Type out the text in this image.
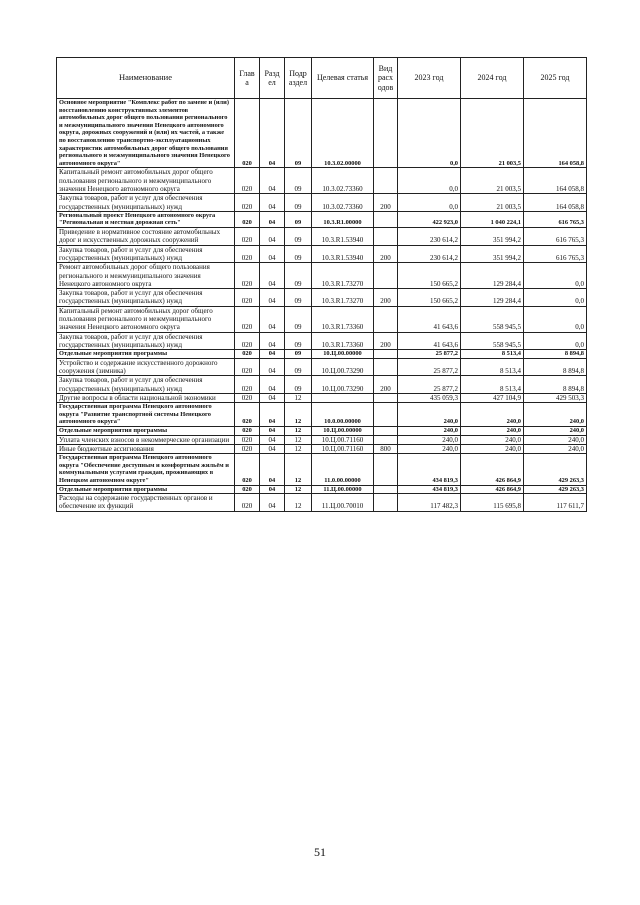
Наименование	Глав а	Разд ел	Подр аздел	Целевая статья	Вид расх одов	2023 год	2024 год	2025 год
Основное мероприятие "Комплекс работ по замене и (или) восстановлению конструктивных элементов автомобильных дорог общего пользования регионального и межмуниципального значения Ненецкого автономного округа, дорожных сооружений и (или) их частей, а также по восстановлению транспортно-эксплуатационных характеристик автомобильных дорог общего пользования регионального и межмуниципального значения Ненецкого автономного округа"	020	04	09	10.3.02.00000		0,0	21 003,5	164 058,8
Капитальный ремонт автомобильных дорог общего пользования регионального и межмуниципального значения Ненецкого автономного округа	020	04	09	10.3.02.73360		0,0	21 003,5	164 058,8
Закупка товаров, работ и услуг для обеспечения государственных (муниципальных) нужд	020	04	09	10.3.02.73360	200	0,0	21 003,5	164 058,8
Региональный проект Ненецкого автономного округа "Региональная и местная дорожная сеть"	020	04	09	10.3.R1.00000		422 923,0	1 040 224,1	616 765,3
Приведение в нормативное состояние автомобильных дорог и искусственных дорожных сооружений	020	04	09	10.3.R1.53940		230 614,2	351 994,2	616 765,3
Закупка товаров, работ и услуг для обеспечения государственных (муниципальных) нужд	020	04	09	10.3.R1.53940	200	230 614,2	351 994,2	616 765,3
Ремонт автомобильных дорог общего пользования регионального и межмуниципального значения Ненецкого автономного округа	020	04	09	10.3.R1.73270		150 665,2	129 284,4	0,0
Закупка товаров, работ и услуг для обеспечения государственных (муниципальных) нужд	020	04	09	10.3.R1.73270	200	150 665,2	129 284,4	0,0
Капитальный ремонт автомобильных дорог общего пользования регионального и межмуниципального значения Ненецкого автономного округа	020	04	09	10.3.R1.73360		41 643,6	558 945,5	0,0
Закупка товаров, работ и услуг для обеспечения государственных (муниципальных) нужд	020	04	09	10.3.R1.73360	200	41 643,6	558 945,5	0,0
Отдельные мероприятия программы	020	04	09	10.Ц.00.00000		25 877,2	8 513,4	8 894,8
Устройство и содержание искусственного дорожного сооружения (зимника)	020	04	09	10.Ц.00.73290		25 877,2	8 513,4	8 894,8
Закупка товаров, работ и услуг для обеспечения государственных (муниципальных) нужд	020	04	09	10.Ц.00.73290	200	25 877,2	8 513,4	8 894,8
Другие вопросы в области национальной экономики	020	04	12			435 059,3	427 104,9	429 503,3
Государственная программа Ненецкого автономного округа "Развитие транспортной системы Ненецкого автономного округа"	020	04	12	10.0.00.00000		240,0	240,0	240,0
Отдельные мероприятия программы	020	04	12	10.Ц.00.00000		240,0	240,0	240,0
Уплата членских взносов в некоммерческие организации	020	04	12	10.Ц.00.71160		240,0	240,0	240,0
Иные бюджетные ассигнования	020	04	12	10.Ц.00.71160	800	240,0	240,0	240,0
Государственная программа Ненецкого автономного округа "Обеспечение доступным и комфортным жильём и коммунальными услугами граждан, проживающих в Ненецком автономном округе"	020	04	12	11.0.00.00000		434 819,3	426 864,9	429 263,3
Отдельные мероприятия программы	020	04	12	11.Ц.00.00000		434 819,3	426 864,9	429 263,3
Расходы на содержание государственных органов и обеспечение их функций	020	04	12	11.Ц.00.70010		117 482,3	115 695,8	117 611,7
51
